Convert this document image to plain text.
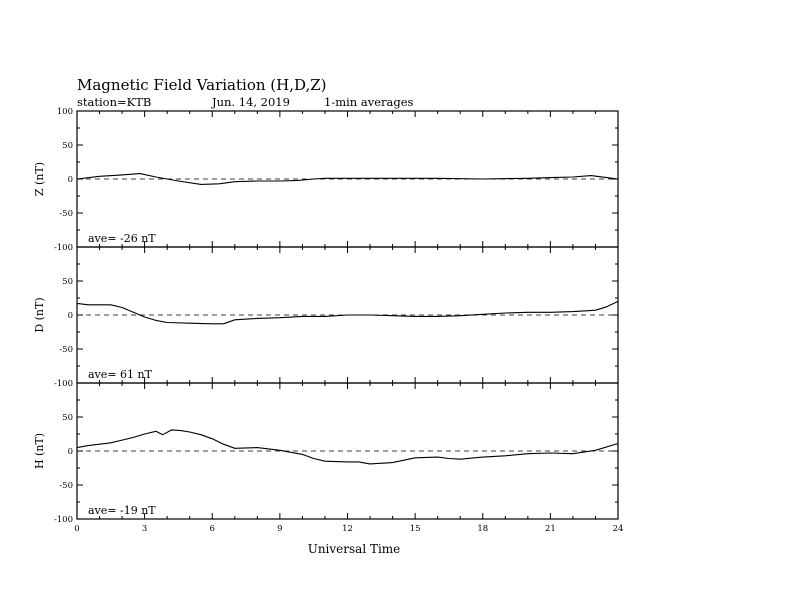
Magnetic Field Variation (H,D,Z)
station=KTB	Jun. 14, 2019	1-min averages
100
50
0
-50
-100
Z (nT)
ave= -26 nT
50
0
-50
-100
D (nT)
ave= 61 nT
50
0
-50
-100
H (nT)
ave= -19 nT
0	3	6	9	12	15	18	21	24
Universal Time
